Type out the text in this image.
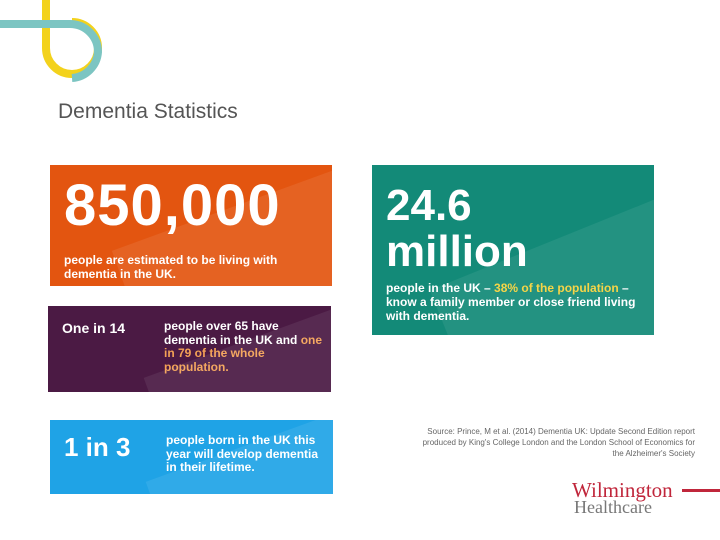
Dementia Statistics
850,000
people are estimated to be living with dementia in the UK.
24.6
million
people in the UK – 38% of the population – know a family member or close friend living with dementia.
One in 14	people over 65 have dementia in the UK and one in 79 of the whole population.
1 in 3	people born in the UK this year will develop dementia in their lifetime.
Source: Prince, M et al. (2014) Dementia UK: Update Second Edition report produced by King's College London and the London School of Economics for the Alzheimer's Society
Wilmington
Healthcare
